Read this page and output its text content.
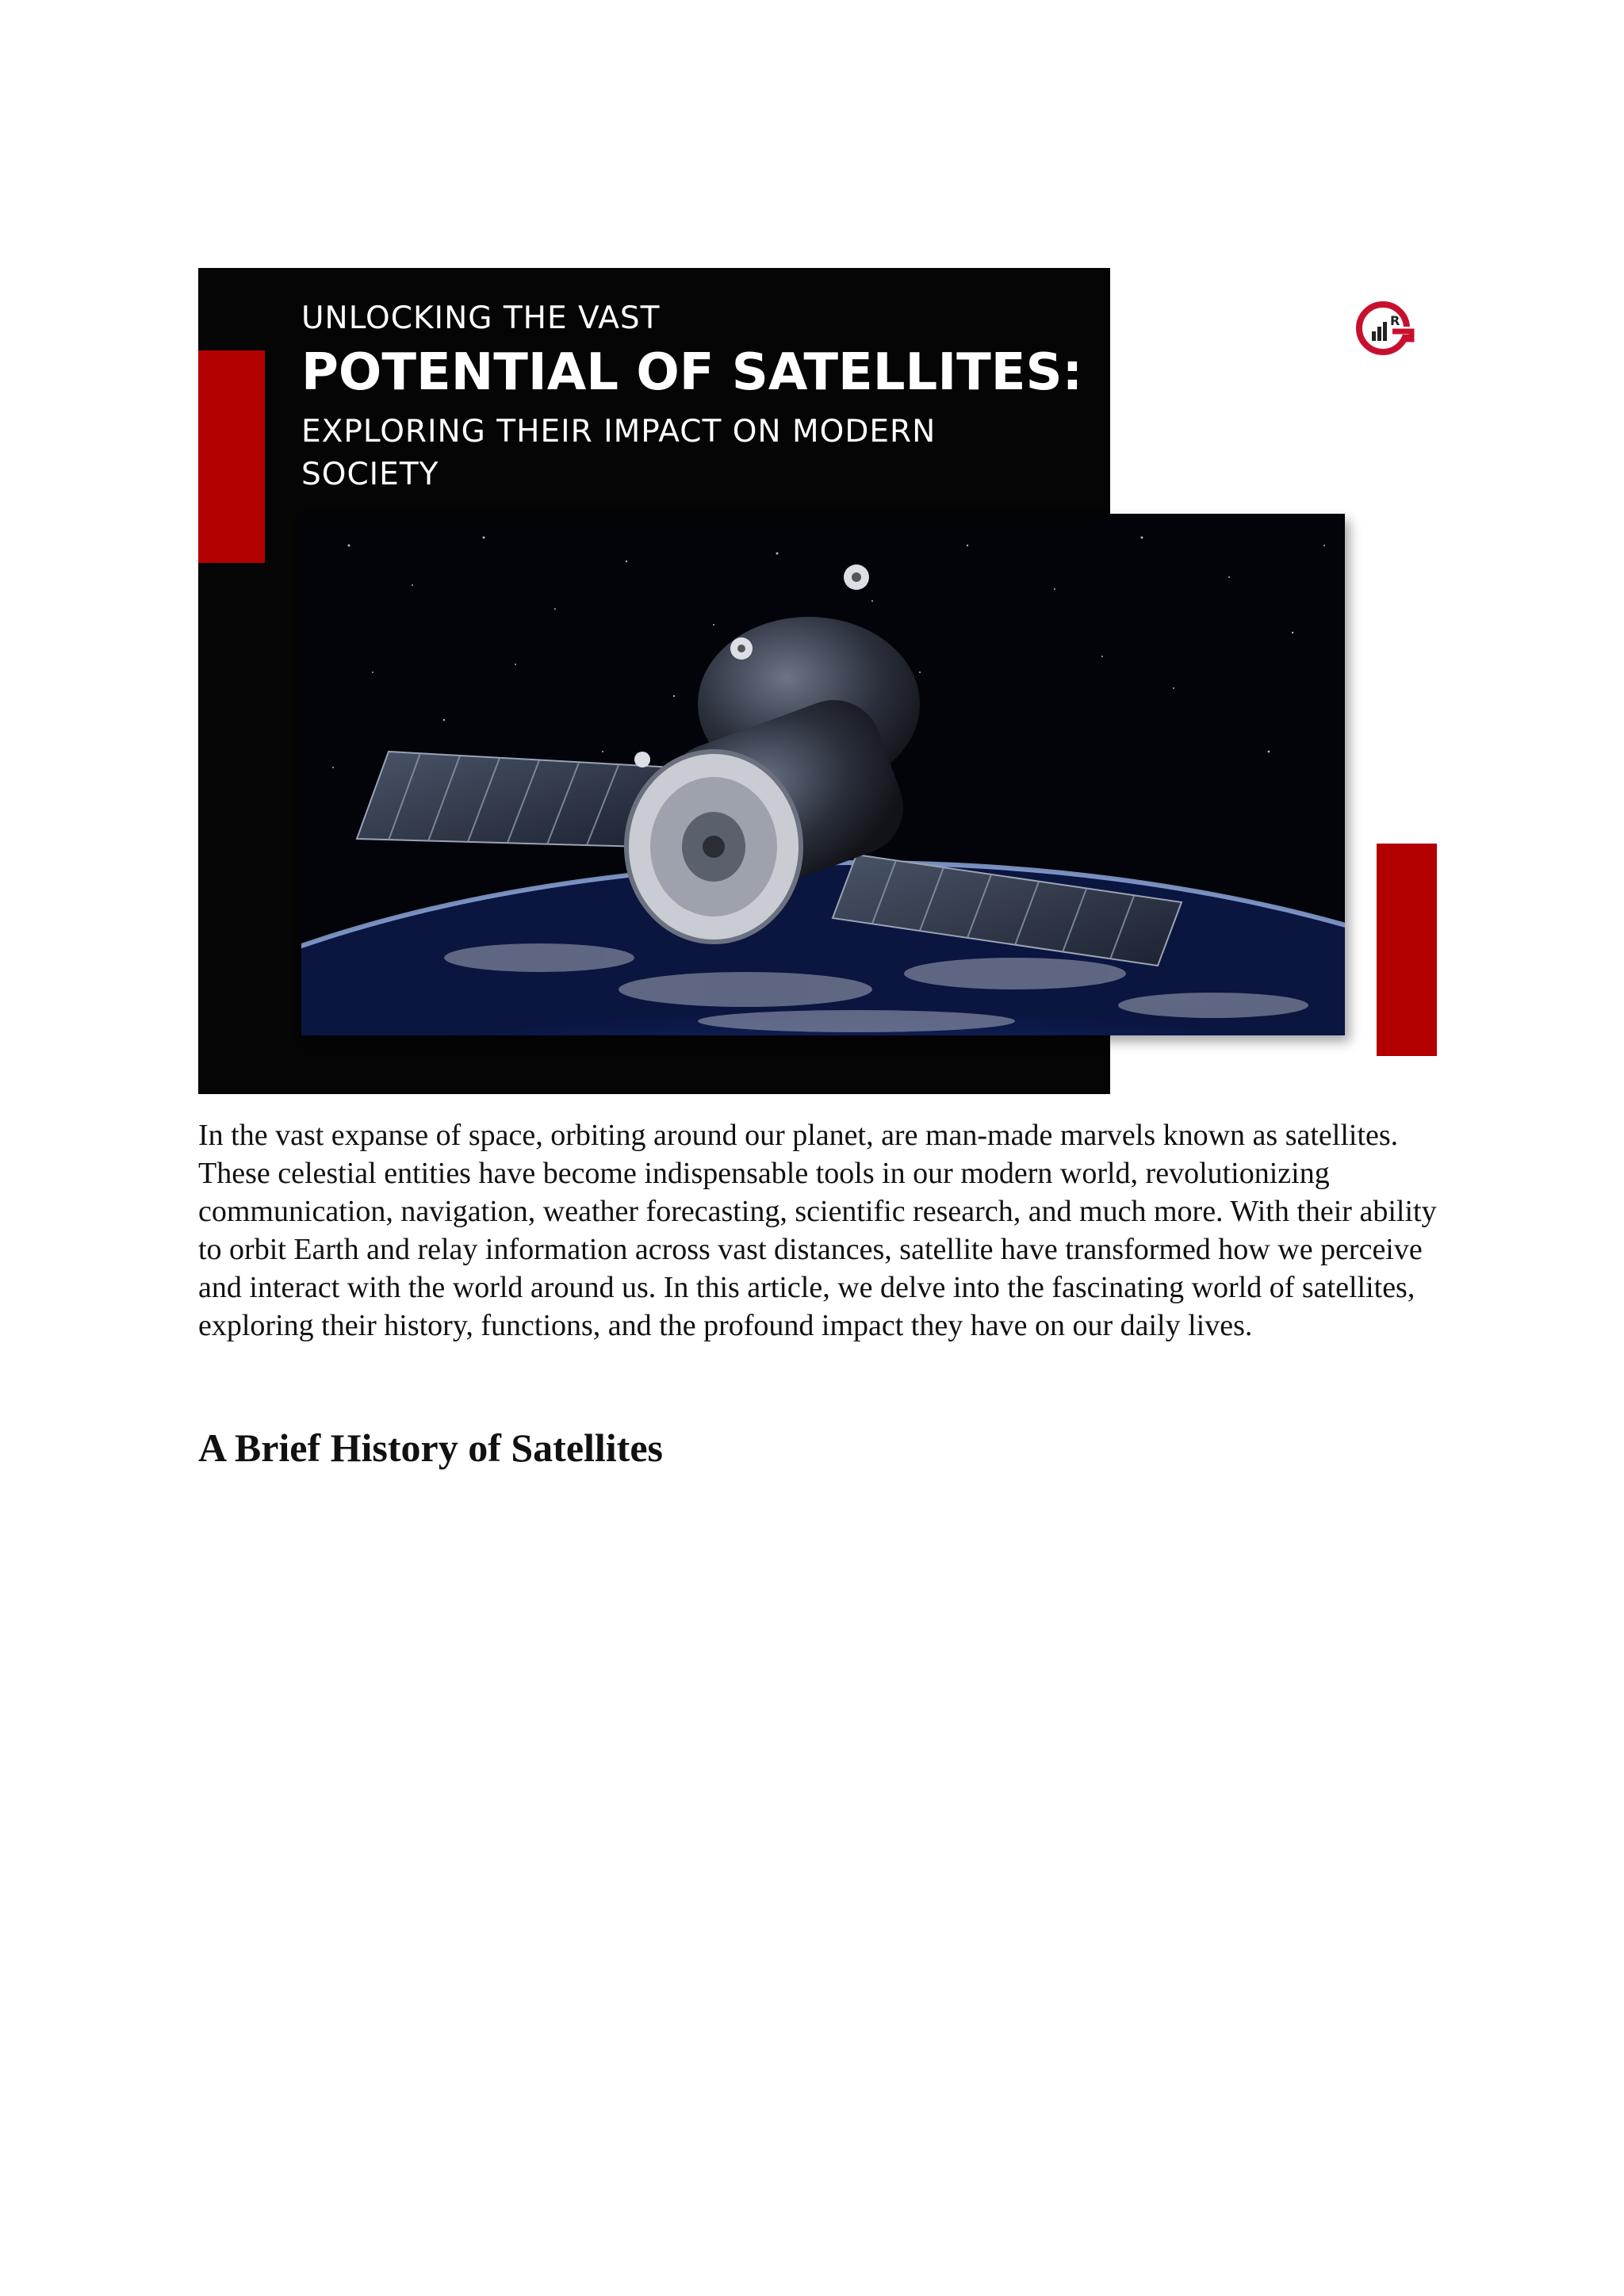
UNLOCKING THE VAST
POTENTIAL OF SATELLITES:
EXPLORING THEIR IMPACT ON MODERN SOCIETY
R

In the vast expanse of space, orbiting around our planet, are man-made marvels known as satellites. These celestial entities have become indispensable tools in our modern world, revolutionizing communication, navigation, weather forecasting, scientific research, and much more. With their ability to orbit Earth and relay information across vast distances, satellite have transformed how we perceive and interact with the world around us. In this article, we delve into the fascinating world of satellites, exploring their history, functions, and the profound impact they have on our daily lives.

A Brief History of Satellites
